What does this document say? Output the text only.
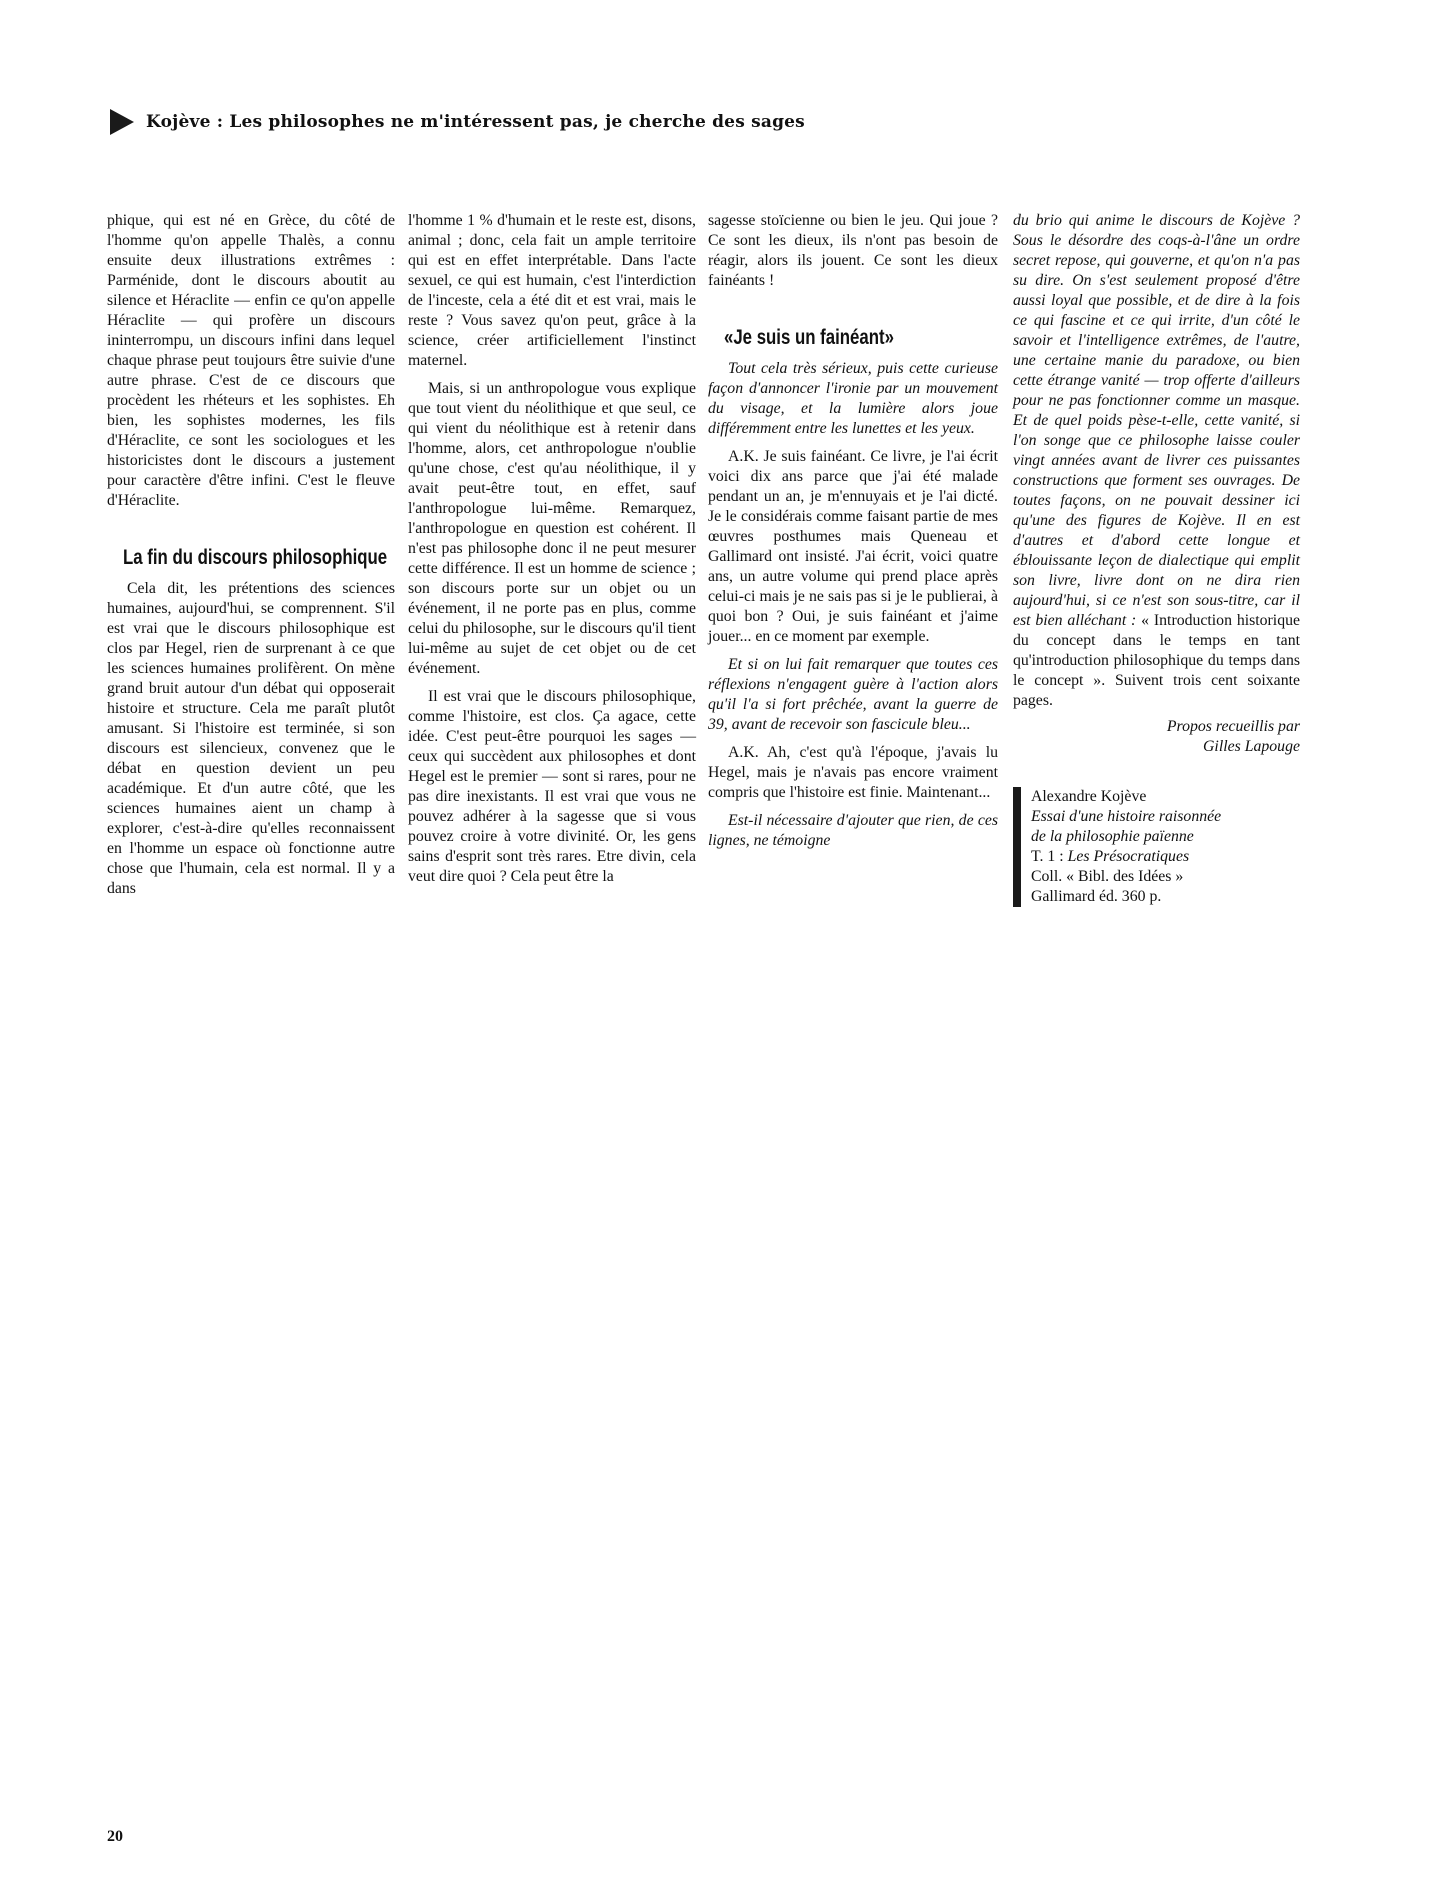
Kojève : Les philosophes ne m'intéressent pas, je cherche des sages

phique, qui est né en Grèce, du côté de l'homme qu'on appelle Thalès, a connu ensuite deux illustrations extrêmes : Parménide, dont le discours aboutit au silence et Héraclite — enfin ce qu'on appelle Héraclite — qui profère un discours ininterrompu, un discours infini dans lequel chaque phrase peut toujours être suivie d'une autre phrase. C'est de ce discours que procèdent les rhéteurs et les sophistes. Eh bien, les sophistes modernes, les fils d'Héraclite, ce sont les sociologues et les historicistes dont le discours a justement pour caractère d'être infini. C'est le fleuve d'Héraclite.

La fin du discours philosophique

Cela dit, les prétentions des sciences humaines, aujourd'hui, se comprennent. S'il est vrai que le discours philosophique est clos par Hegel, rien de surprenant à ce que les sciences humaines prolifèrent. On mène grand bruit autour d'un débat qui opposerait histoire et structure. Cela me paraît plutôt amusant. Si l'histoire est terminée, si son discours est silencieux, convenez que le débat en question devient un peu académique. Et d'un autre côté, que les sciences humaines aient un champ à explorer, c'est-à-dire qu'elles reconnaissent en l'homme un espace où fonctionne autre chose que l'humain, cela est normal. Il y a dans

l'homme 1 % d'humain et le reste est, disons, animal ; donc, cela fait un ample territoire qui est en effet interprétable. Dans l'acte sexuel, ce qui est humain, c'est l'interdiction de l'inceste, cela a été dit et est vrai, mais le reste ? Vous savez qu'on peut, grâce à la science, créer artificiellement l'instinct maternel.

Mais, si un anthropologue vous explique que tout vient du néolithique et que seul, ce qui vient du néolithique est à retenir dans l'homme, alors, cet anthropologue n'oublie qu'une chose, c'est qu'au néolithique, il y avait peut-être tout, en effet, sauf l'anthropologue lui-même. Remarquez, l'anthropologue en question est cohérent. Il n'est pas philosophe donc il ne peut mesurer cette différence. Il est un homme de science ; son discours porte sur un objet ou un événement, il ne porte pas en plus, comme celui du philosophe, sur le discours qu'il tient lui-même au sujet de cet objet ou de cet événement.

Il est vrai que le discours philosophique, comme l'histoire, est clos. Ça agace, cette idée. C'est peut-être pourquoi les sages — ceux qui succèdent aux philosophes et dont Hegel est le premier — sont si rares, pour ne pas dire inexistants. Il est vrai que vous ne pouvez adhérer à la sagesse que si vous pouvez croire à votre divinité. Or, les gens sains d'esprit sont très rares. Etre divin, cela veut dire quoi ? Cela peut être la

sagesse stoïcienne ou bien le jeu. Qui joue ? Ce sont les dieux, ils n'ont pas besoin de réagir, alors ils jouent. Ce sont les dieux fainéants !

«Je suis un fainéant»

Tout cela très sérieux, puis cette curieuse façon d'annoncer l'ironie par un mouvement du visage, et la lumière alors joue différemment entre les lunettes et les yeux.

A.K. Je suis fainéant. Ce livre, je l'ai écrit voici dix ans parce que j'ai été malade pendant un an, je m'ennuyais et je l'ai dicté. Je le considérais comme faisant partie de mes œuvres posthumes mais Queneau et Gallimard ont insisté. J'ai écrit, voici quatre ans, un autre volume qui prend place après celui-ci mais je ne sais pas si je le publierai, à quoi bon ? Oui, je suis fainéant et j'aime jouer... en ce moment par exemple.

Et si on lui fait remarquer que toutes ces réflexions n'engagent guère à l'action alors qu'il l'a si fort prêchée, avant la guerre de 39, avant de recevoir son fascicule bleu...

A.K. Ah, c'est qu'à l'époque, j'avais lu Hegel, mais je n'avais pas encore vraiment compris que l'histoire est finie. Maintenant...

Est-il nécessaire d'ajouter que rien, de ces lignes, ne témoigne

du brio qui anime le discours de Kojève ? Sous le désordre des coqs-à-l'âne un ordre secret repose, qui gouverne, et qu'on n'a pas su dire. On s'est seulement proposé d'être aussi loyal que possible, et de dire à la fois ce qui fascine et ce qui irrite, d'un côté le savoir et l'intelligence extrêmes, de l'autre, une certaine manie du paradoxe, ou bien cette étrange vanité — trop offerte d'ailleurs pour ne pas fonctionner comme un masque. Et de quel poids pèse-t-elle, cette vanité, si l'on songe que ce philosophe laisse couler vingt années avant de livrer ces puissantes constructions que forment ses ouvrages. De toutes façons, on ne pouvait dessiner ici qu'une des figures de Kojève. Il en est d'autres et d'abord cette longue et éblouissante leçon de dialectique qui emplit son livre, livre dont on ne dira rien aujourd'hui, si ce n'est son sous-titre, car il est bien alléchant : « Introduction historique du concept dans le temps en tant qu'introduction philosophique du temps dans le concept ». Suivent trois cent soixante pages.

Propos recueillis par
Gilles Lapouge

Alexandre Kojève
Essai d'une histoire raisonnée
de la philosophie païenne
T. 1 : Les Présocratiques
Coll. « Bibl. des Idées »
Gallimard éd. 360 p.
20
